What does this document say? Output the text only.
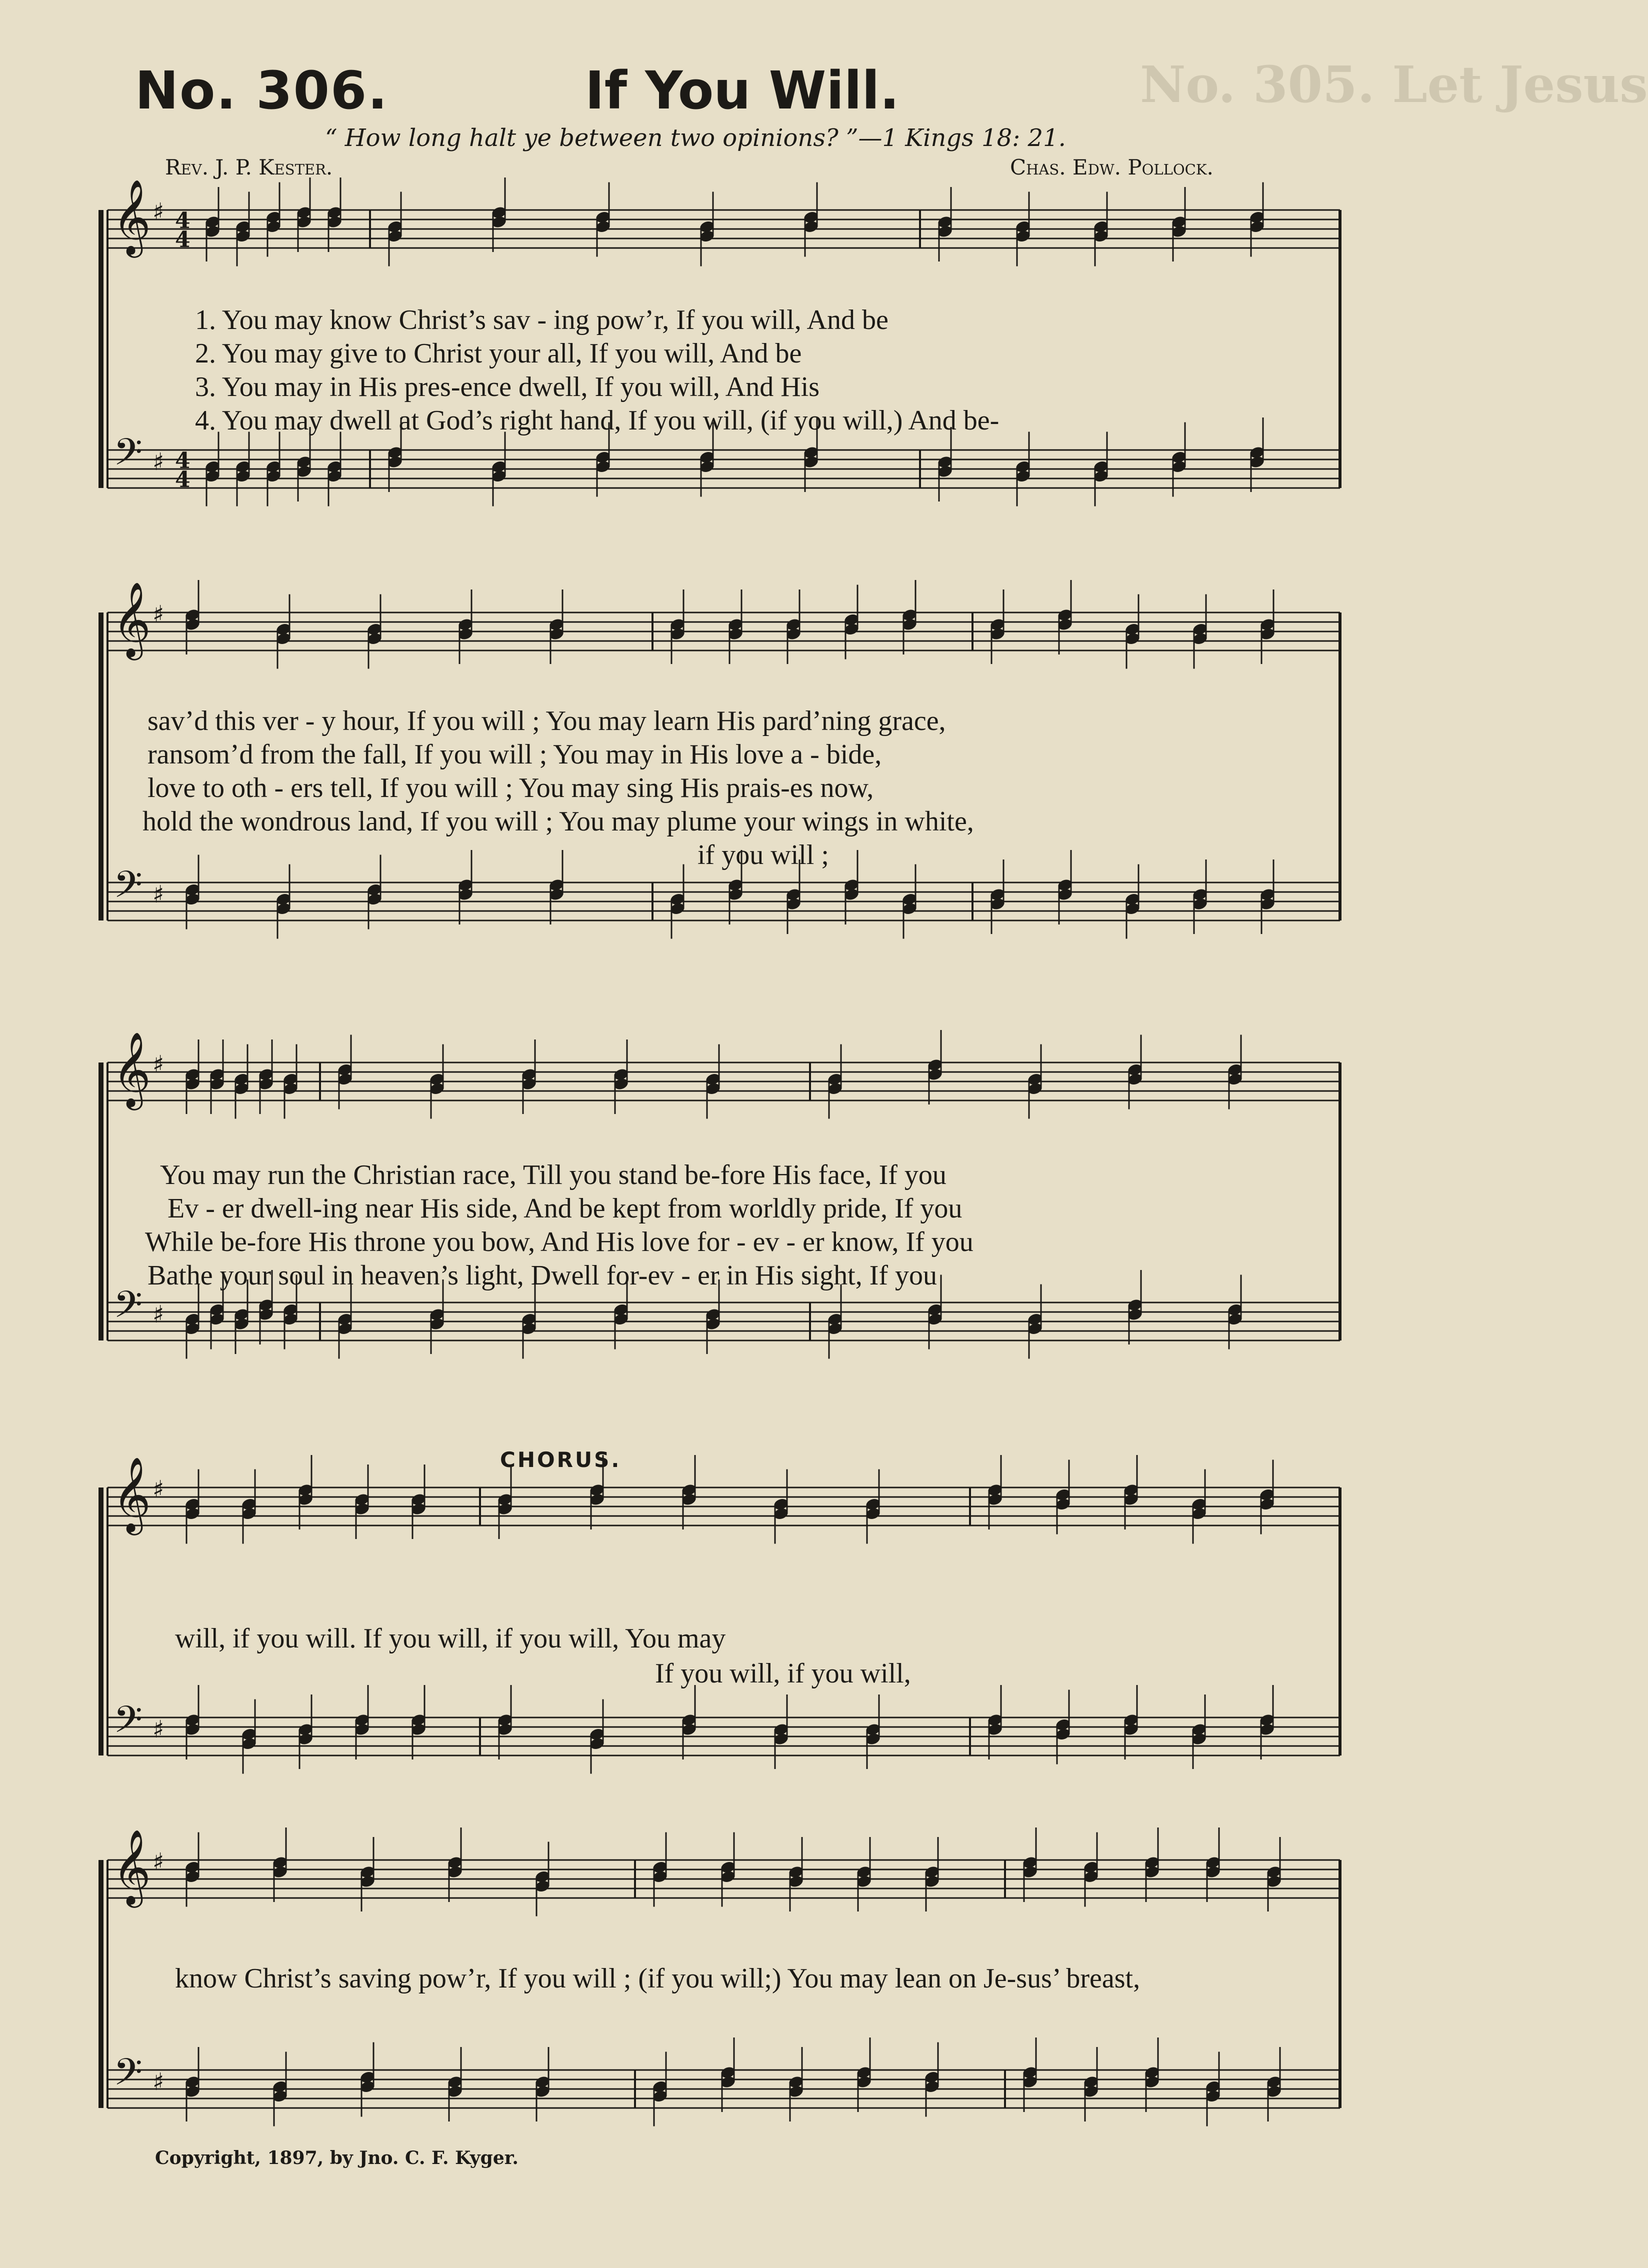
No. 305. Let Jesus
No. 306.	If You Will.
“ How long halt ye between two opinions? ”—1 Kings 18: 21.
Rev. J. P. Kester.	Chas. Edw. Pollock.
𝄞
𝄢
♯
♯
4
4
4
4
𝄞
𝄢
♯
♯
𝄞
𝄢
♯
♯
𝄞
𝄢
♯
♯
𝄞
𝄢
♯
♯
1. You may know Christ’s sav - ing pow’r, If you will, And be
2. You may give to Christ your all, If you will, And be
3. You may in His pres-ence dwell, If you will, And His
4. You may dwell at God’s right hand, If you will, (if you will,) And be-
sav’d this ver - y hour, If you will ; You may learn His pard’ning grace,
ransom’d from the fall, If you will ; You may in His love a - bide,
love to oth - ers tell, If you will ; You may sing His prais-es now,
hold the wondrous land, If you will ; You may plume your wings in white,
if you will ;
You may run the Christian race, Till you stand be-fore His face, If you
Ev - er dwell-ing near His side, And be kept from worldly pride, If you
While be-fore His throne you bow, And His love for - ev - er know, If you
Bathe your soul in heaven’s light, Dwell for-ev - er in His sight, If you
CHORUS.
will, if you will. If you will, if you will, You may
If you will, if you will,
know Christ’s saving pow’r, If you will ; (if you will;) You may lean on Je-sus’ breast,
Copyright, 1897, by Jno. C. F. Kyger.
